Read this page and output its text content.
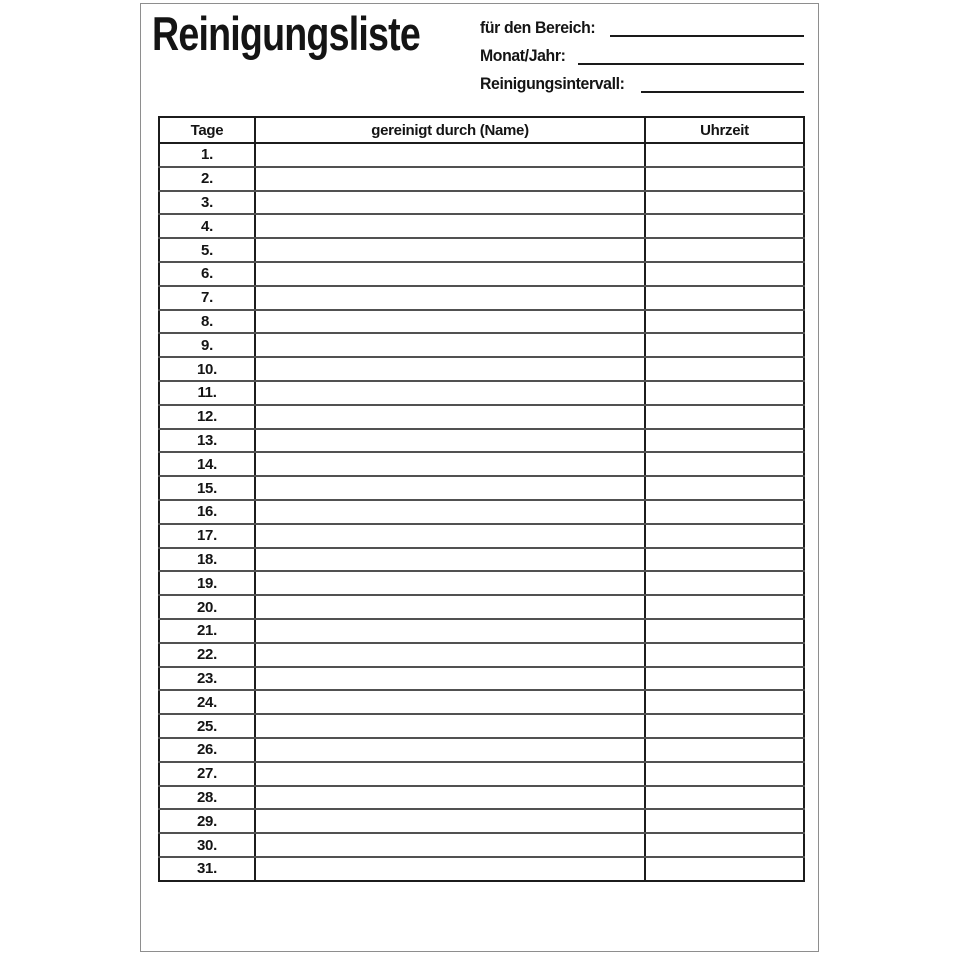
Reinigungsliste	für den Bereich:
Monat/Jahr:
Reinigungsintervall:
Tage	gereinigt durch (Name)	Uhrzeit
1.		
2.		
3.		
4.		
5.		
6.		
7.		
8.		
9.		
10.		
11.		
12.		
13.		
14.		
15.		
16.		
17.		
18.		
19.		
20.		
21.		
22.		
23.		
24.		
25.		
26.		
27.		
28.		
29.		
30.		
31.		
